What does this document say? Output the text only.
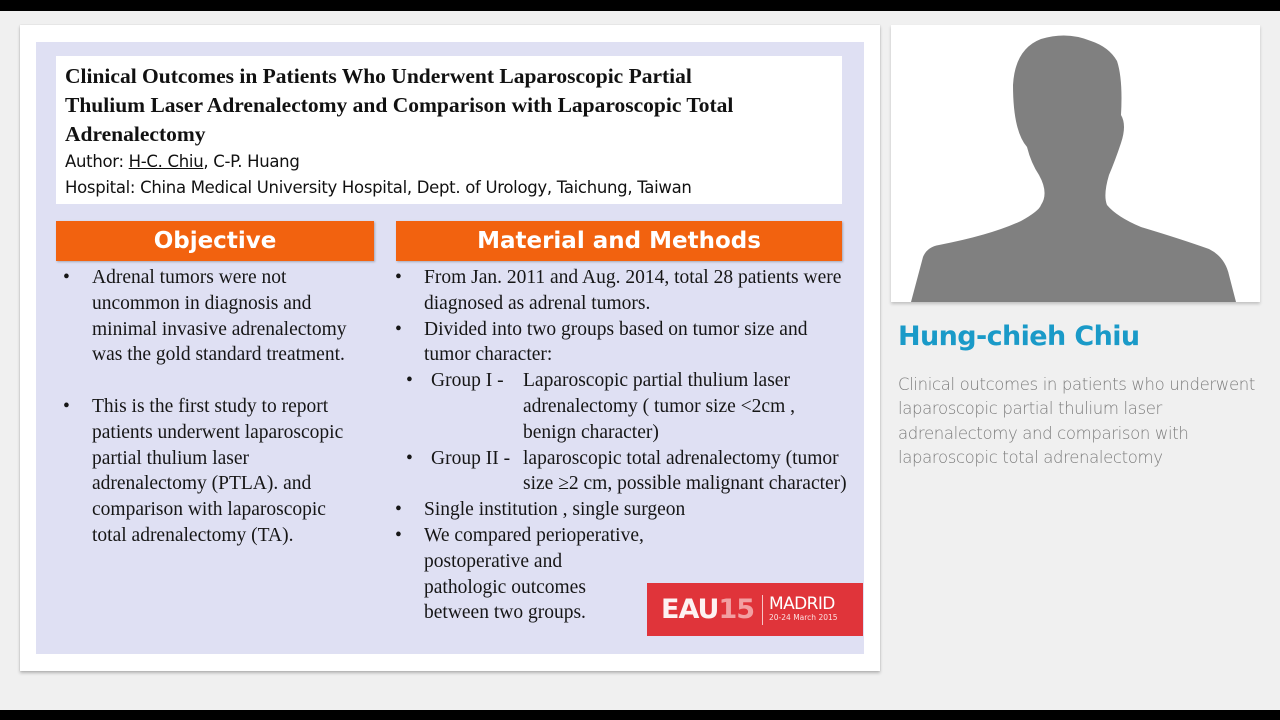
Clinical Outcomes in Patients Who Underwent Laparoscopic Partial
Thulium Laser Adrenalectomy and Comparison with Laparoscopic Total
Adrenalectomy
Author: H-C. Chiu, C-P. Huang
Hospital: China Medical University Hospital, Dept. of Urology, Taichung, Taiwan
Objective	Material and Methods
• Adrenal tumors were not uncommon in diagnosis and minimal invasive adrenalectomy was the gold standard treatment.
• This is the first study to report patients underwent laparoscopic partial thulium laser adrenalectomy (PTLA). and comparison with laparoscopic total adrenalectomy (TA).
• From Jan. 2011 and Aug. 2014, total 28 patients were diagnosed as adrenal tumors.
• Divided into two groups based on tumor size and tumor character:
• Group I - Laparoscopic partial thulium laser adrenalectomy ( tumor size <2cm , benign character)
• Group II - laparoscopic total adrenalectomy (tumor size ≥2 cm, possible malignant character)
• Single institution , single surgeon
• We compared perioperative, postoperative and pathologic outcomes between two groups.	EAU 15 MADRID
20-24 March 2015
Hung-chieh Chiu
Clinical outcomes in patients who underwent laparoscopic partial thulium laser adrenalectomy and comparison with laparoscopic total adrenalectomy
